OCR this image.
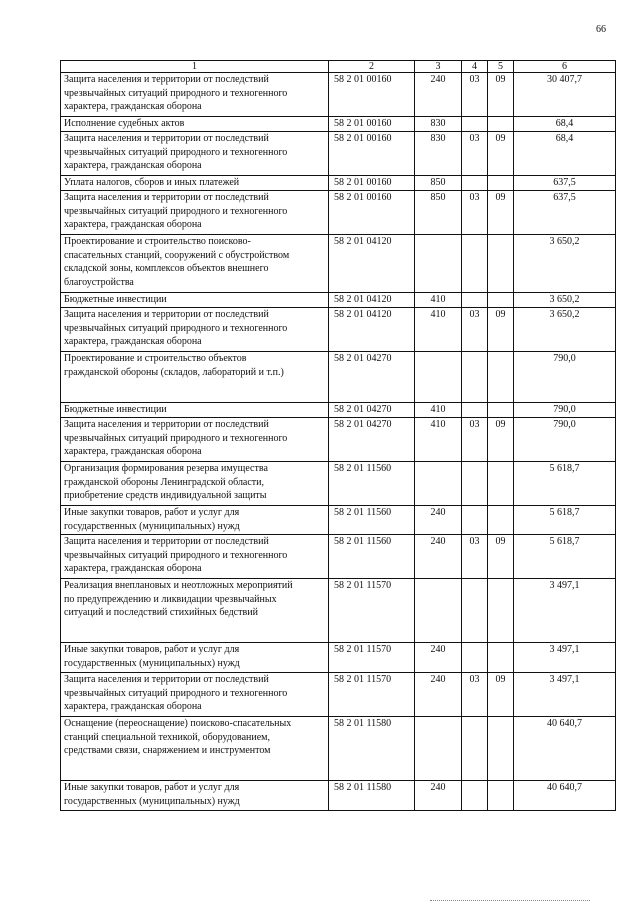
66
1	2	3	4	5	6
Защита населения и территории от последствий
чрезвычайных ситуаций природного и техногенного
характера, гражданская оборона	58 2 01 00160	240	03	09	30 407,7
Исполнение судебных актов	58 2 01 00160	830			68,4
Защита населения и территории от последствий
чрезвычайных ситуаций природного и техногенного
характера, гражданская оборона	58 2 01 00160	830	03	09	68,4
Уплата налогов, сборов и иных платежей	58 2 01 00160	850			637,5
Защита населения и территории от последствий
чрезвычайных ситуаций природного и техногенного
характера, гражданская оборона	58 2 01 00160	850	03	09	637,5
Проектирование и строительство поисково-
спасательных станций, сооружений с обустройством
складской зоны, комплексов объектов внешнего
благоустройства	58 2 01 04120				3 650,2
Бюджетные инвестиции	58 2 01 04120	410			3 650,2
Защита населения и территории от последствий
чрезвычайных ситуаций природного и техногенного
характера, гражданская оборона	58 2 01 04120	410	03	09	3 650,2
Проектирование и строительство объектов
гражданской обороны (складов, лабораторий и т.п.)	58 2 01 04270				790,0
Бюджетные инвестиции	58 2 01 04270	410			790,0
Защита населения и территории от последствий
чрезвычайных ситуаций природного и техногенного
характера, гражданская оборона	58 2 01 04270	410	03	09	790,0
Организация формирования резерва имущества
гражданской обороны Ленинградской области,
приобретение средств индивидуальной защиты	58 2 01 11560				5 618,7
Иные закупки товаров, работ и услуг для
государственных (муниципальных) нужд	58 2 01 11560	240			5 618,7
Защита населения и территории от последствий
чрезвычайных ситуаций природного и техногенного
характера, гражданская оборона	58 2 01 11560	240	03	09	5 618,7
Реализация внеплановых и неотложных мероприятий
по предупреждению и ликвидации чрезвычайных
ситуаций и последствий стихийных бедствий	58 2 01 11570				3 497,1
Иные закупки товаров, работ и услуг для
государственных (муниципальных) нужд	58 2 01 11570	240			3 497,1
Защита населения и территории от последствий
чрезвычайных ситуаций природного и техногенного
характера, гражданская оборона	58 2 01 11570	240	03	09	3 497,1
Оснащение (переоснащение) поисково-спасательных
станций специальной техникой, оборудованием,
средствами связи, снаряжением и инструментом	58 2 01 11580				40 640,7
Иные закупки товаров, работ и услуг для
государственных (муниципальных) нужд	58 2 01 11580	240			40 640,7
